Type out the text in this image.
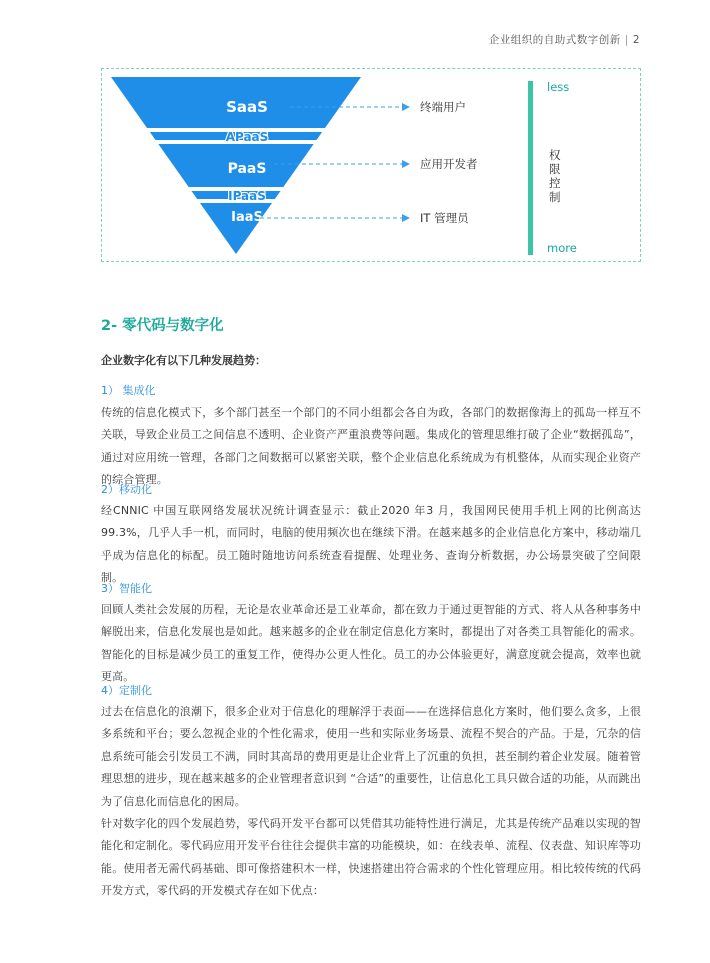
企业组织的自助式数字创新 | 2
SaaS
APaaS
PaaS
IPaaS
IaaS
终端用户
应用开发者
IT 管理员
less
more
权限控制
2- 零代码与数字化
企业数字化有以下几种发展趋势：
1） 集成化
传统的信息化模式下，多个部门甚至一个部门的不同小组都会各自为政，各部门的数据像海上的孤岛一样互不关联，导致企业员工之间信息不透明、企业资产严重浪费等问题。集成化的管理思维打破了企业“数据孤岛”，通过对应用统一管理，各部门之间数据可以紧密关联，整个企业信息化系统成为有机整体，从而实现企业资产的综合管理。
2）移动化
经CNNIC 中国互联网络发展状况统计调查显示：截止2020 年3 月，我国网民使用手机上网的比例高达99.3%，几乎人手一机，而同时，电脑的使用频次也在继续下滑。在越来越多的企业信息化方案中，移动端几乎成为信息化的标配。员工随时随地访问系统查看提醒、处理业务、查询分析数据，办公场景突破了空间限制。
3）智能化
回顾人类社会发展的历程，无论是农业革命还是工业革命，都在致力于通过更智能的方式、将人从各种事务中解脱出来，信息化发展也是如此。越来越多的企业在制定信息化方案时，都提出了对各类工具智能化的需求。智能化的目标是减少员工的重复工作，使得办公更人性化。员工的办公体验更好，满意度就会提高，效率也就更高。
4）定制化
过去在信息化的浪潮下，很多企业对于信息化的理解浮于表面——在选择信息化方案时，他们要么贪多，上很多系统和平台；要么忽视企业的个性化需求，使用一些和实际业务场景、流程不契合的产品。于是，冗杂的信息系统可能会引发员工不满，同时其高昂的费用更是让企业背上了沉重的负担，甚至制约着企业发展。随着管理思想的进步，现在越来越多的企业管理者意识到 “合适”的重要性，让信息化工具只做合适的功能，从而跳出为了信息化而信息化的困局。
针对数字化的四个发展趋势，零代码开发平台都可以凭借其功能特性进行满足，尤其是传统产品难以实现的智能化和定制化。零代码应用开发平台往往会提供丰富的功能模块，如：在线表单、流程、仪表盘、知识库等功能。使用者无需代码基础、即可像搭建积木一样，快速搭建出符合需求的个性化管理应用。相比较传统的代码开发方式，零代码的开发模式存在如下优点：
